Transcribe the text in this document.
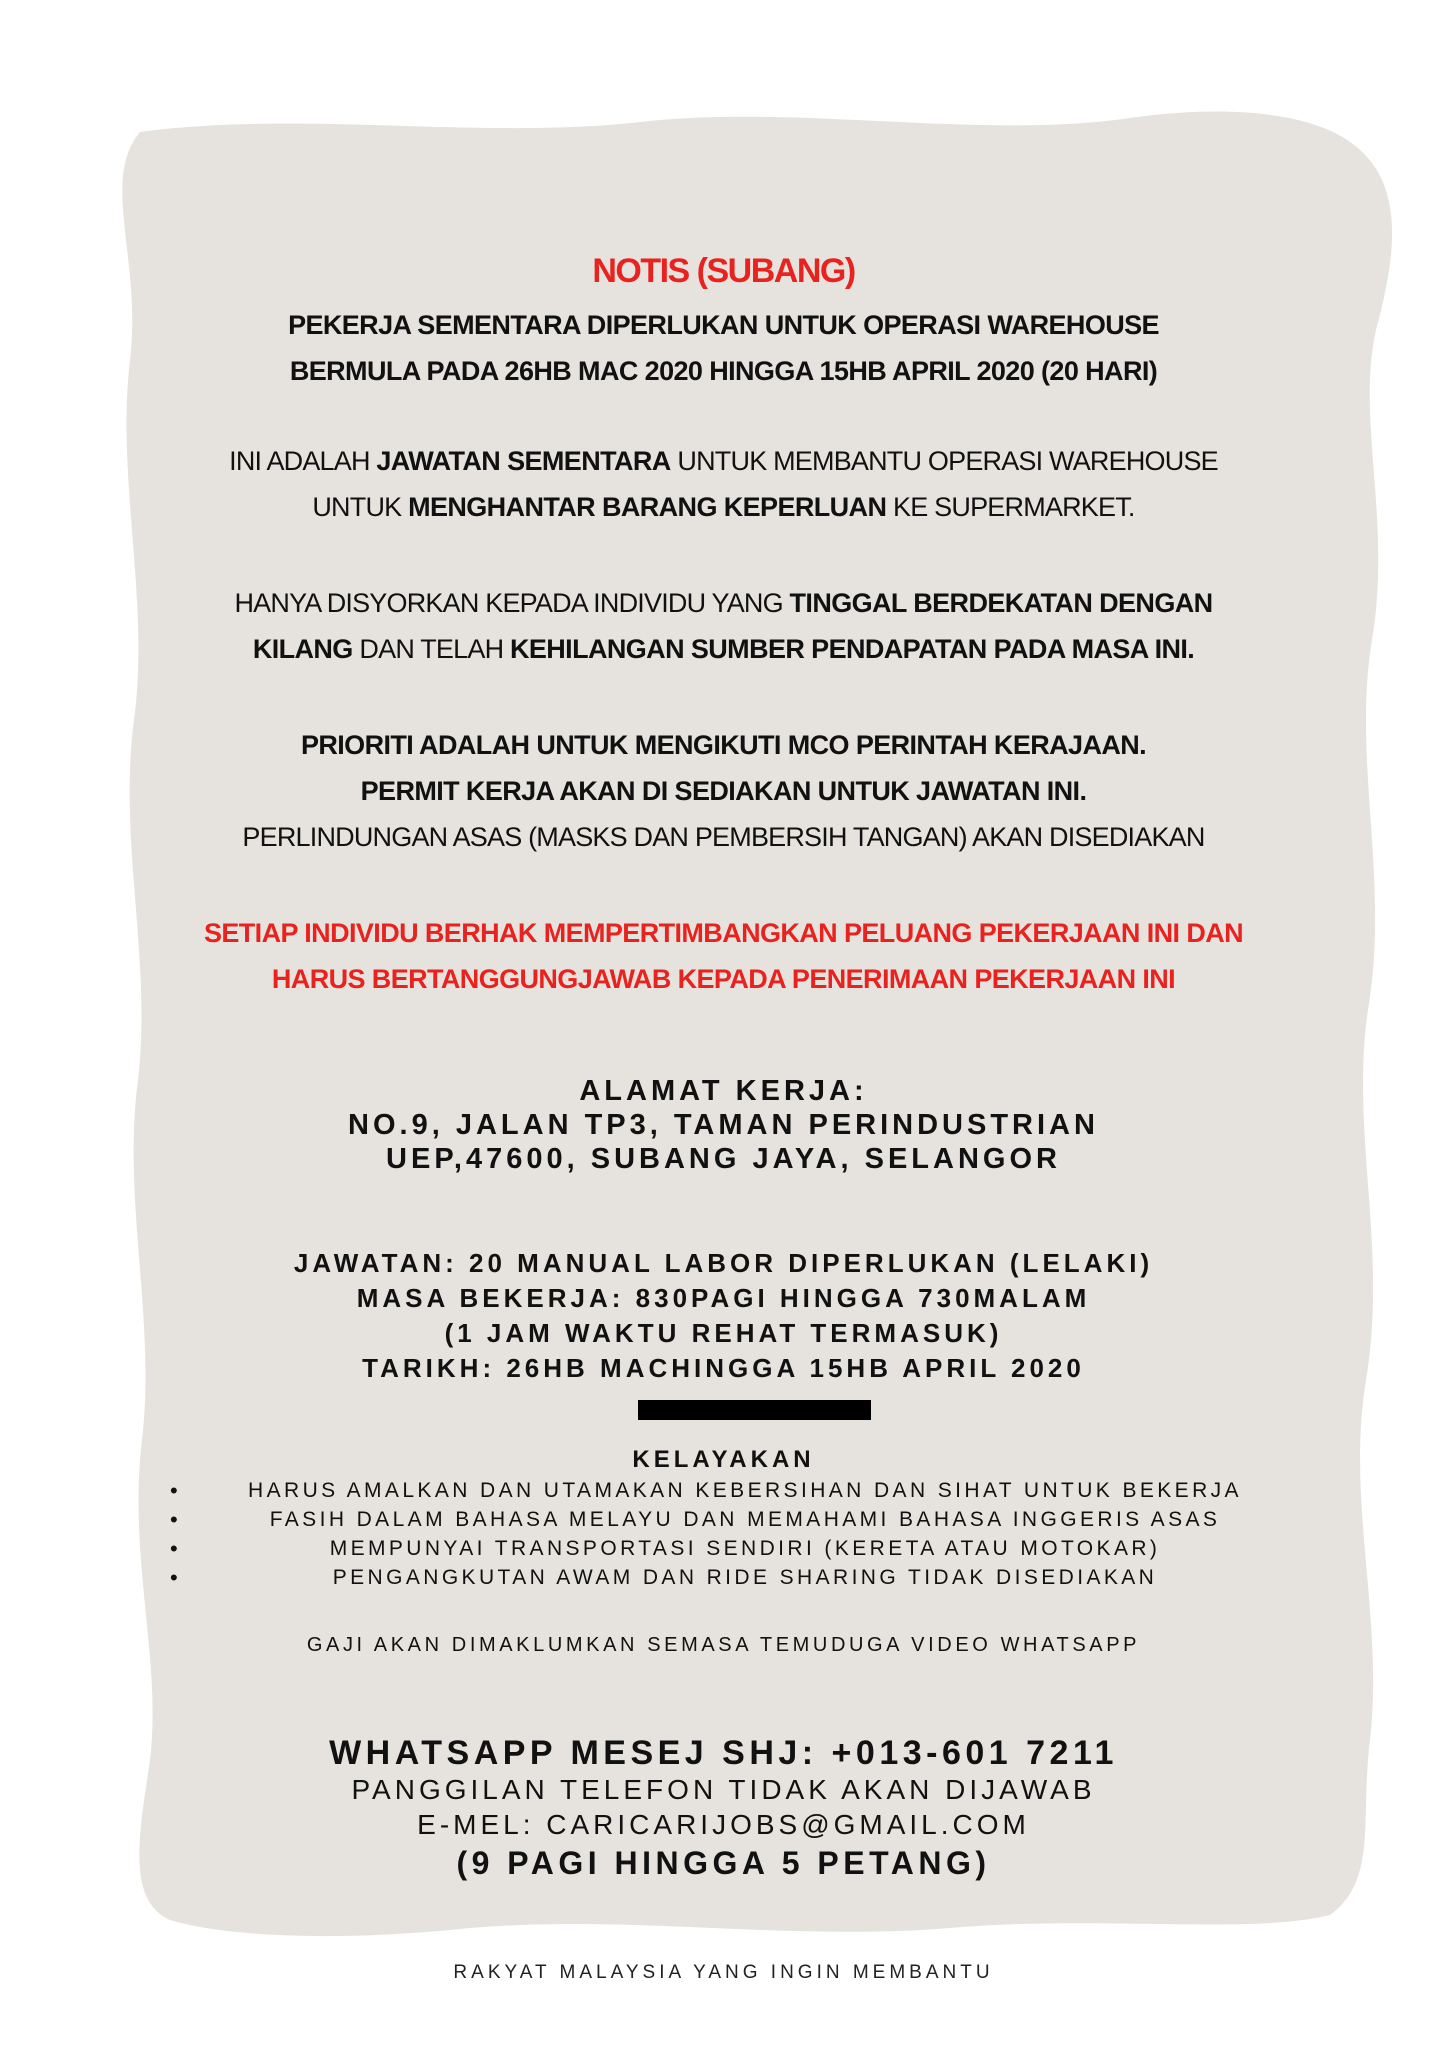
NOTIS (SUBANG)
PEKERJA SEMENTARA DIPERLUKAN UNTUK OPERASI WAREHOUSE
BERMULA PADA 26HB MAC 2020 HINGGA 15HB APRIL 2020 (20 HARI)
INI ADALAH JAWATAN SEMENTARA UNTUK MEMBANTU OPERASI WAREHOUSE
UNTUK MENGHANTAR BARANG KEPERLUAN KE SUPERMARKET.
HANYA DISYORKAN KEPADA INDIVIDU YANG TINGGAL BERDEKATAN DENGAN
KILANG DAN TELAH KEHILANGAN SUMBER PENDAPATAN PADA MASA INI.
PRIORITI ADALAH UNTUK MENGIKUTI MCO PERINTAH KERAJAAN.
PERMIT KERJA AKAN DI SEDIAKAN UNTUK JAWATAN INI.
PERLINDUNGAN ASAS (MASKS DAN PEMBERSIH TANGAN) AKAN DISEDIAKAN
SETIAP INDIVIDU BERHAK MEMPERTIMBANGKAN PELUANG PEKERJAAN INI DAN
HARUS BERTANGGUNGJAWAB KEPADA PENERIMAAN PEKERJAAN INI
ALAMAT KERJA:
NO.9, JALAN TP3, TAMAN PERINDUSTRIAN
UEP,47600, SUBANG JAYA, SELANGOR
JAWATAN: 20 MANUAL LABOR DIPERLUKAN (LELAKI)
MASA BEKERJA: 830PAGI HINGGA 730MALAM
(1 JAM WAKTU REHAT TERMASUK)
TARIKH: 26HB MACHINGGA 15HB APRIL 2020
KELAYAKAN
• HARUS AMALKAN DAN UTAMAKAN KEBERSIHAN DAN SIHAT UNTUK BEKERJA
• FASIH DALAM BAHASA MELAYU DAN MEMAHAMI BAHASA INGGERIS ASAS
• MEMPUNYAI TRANSPORTASI SENDIRI (KERETA ATAU MOTOKAR)
• PENGANGKUTAN AWAM DAN RIDE SHARING TIDAK DISEDIAKAN
GAJI AKAN DIMAKLUMKAN SEMASA TEMUDUGA VIDEO WHATSAPP
WHATSAPP MESEJ SHJ: +013-601 7211
PANGGILAN TELEFON TIDAK AKAN DIJAWAB
E-MEL: CARICARIJOBS@GMAIL.COM
(9 PAGI HINGGA 5 PETANG)
RAKYAT MALAYSIA YANG INGIN MEMBANTU
